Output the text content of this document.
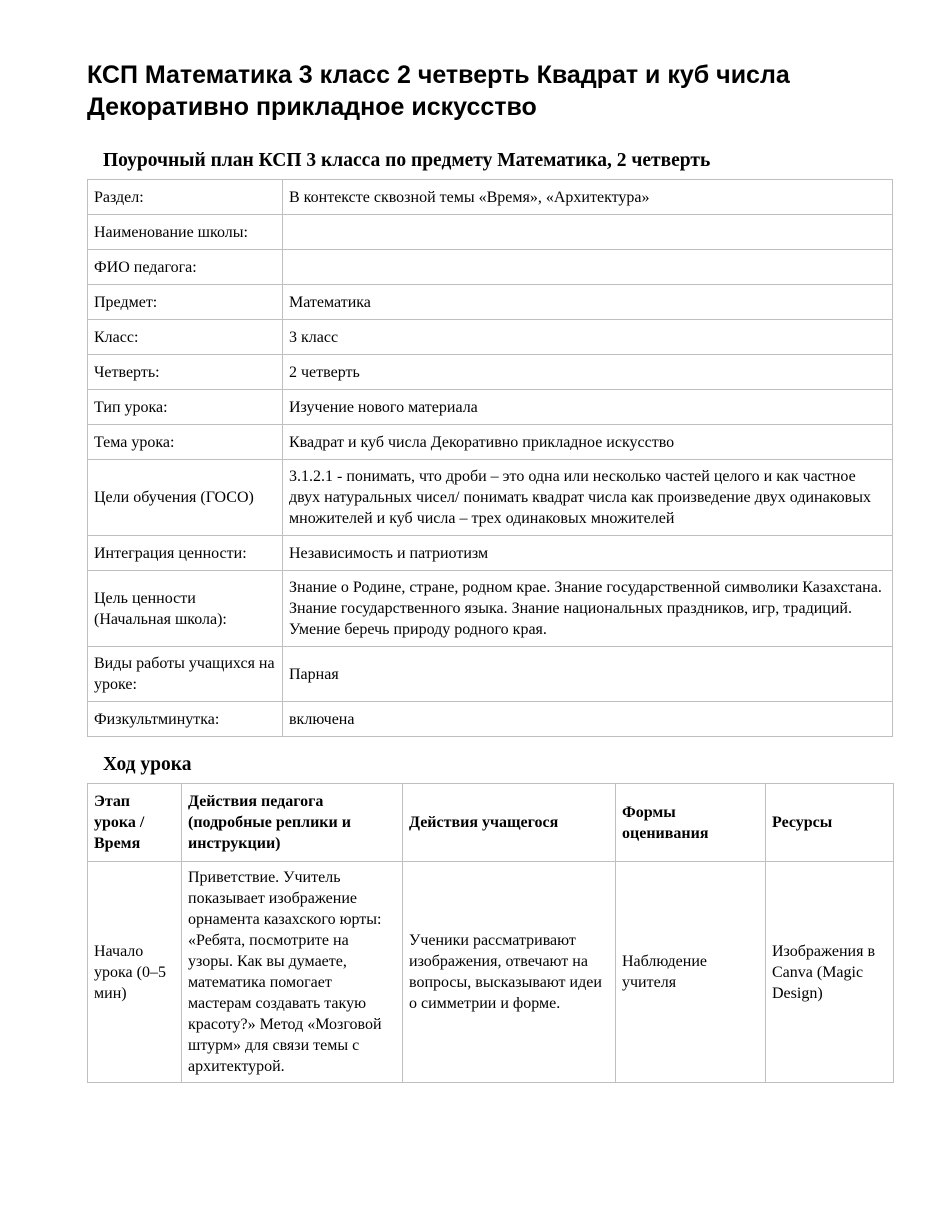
КСП Математика 3 класс 2 четверть Квадрат и куб числа Декоративно прикладное искусство
Поурочный план КСП 3 класса по предмету Математика, 2 четверть
Раздел:	В контексте сквозной темы «Время», «Архитектура»
Наименование школы:	
ФИО педагога:	
Предмет:	Математика
Класс:	3 класс
Четверть:	2 четверть
Тип урока:	Изучение нового материала
Тема урока:	Квадрат и куб числа Декоративно прикладное искусство
Цели обучения (ГОСО)	3.1.2.1 - понимать, что дроби – это одна или несколько частей целого и как частное двух натуральных чисел/ понимать квадрат числа как произведение двух одинаковых множителей и куб числа – трех одинаковых множителей
Интеграция ценности:	Независимость и патриотизм
Цель ценности (Начальная школа):	Знание о Родине, стране, родном крае. Знание государственной символики Казахстана. Знание государственного языка. Знание национальных праздников, игр, традиций. Умение беречь природу родного края.
Виды работы учащихся на уроке:	Парная
Физкультминутка:	включена
Ход урока
Этап урока / Время	Действия педагога (подробные реплики и инструкции)	Действия учащегося	Формы оценивания	Ресурсы
Начало урока (0–5 мин)	Приветствие. Учитель показывает изображение орнамента казахского юрты: «Ребята, посмотрите на узоры. Как вы думаете, математика помогает мастерам создавать такую красоту?» Метод «Мозговой штурм» для связи темы с архитектурой.	Ученики рассматривают изображения, отвечают на вопросы, высказывают идеи о симметрии и форме.	Наблюдение учителя	Изображения в Canva (Magic Design)
